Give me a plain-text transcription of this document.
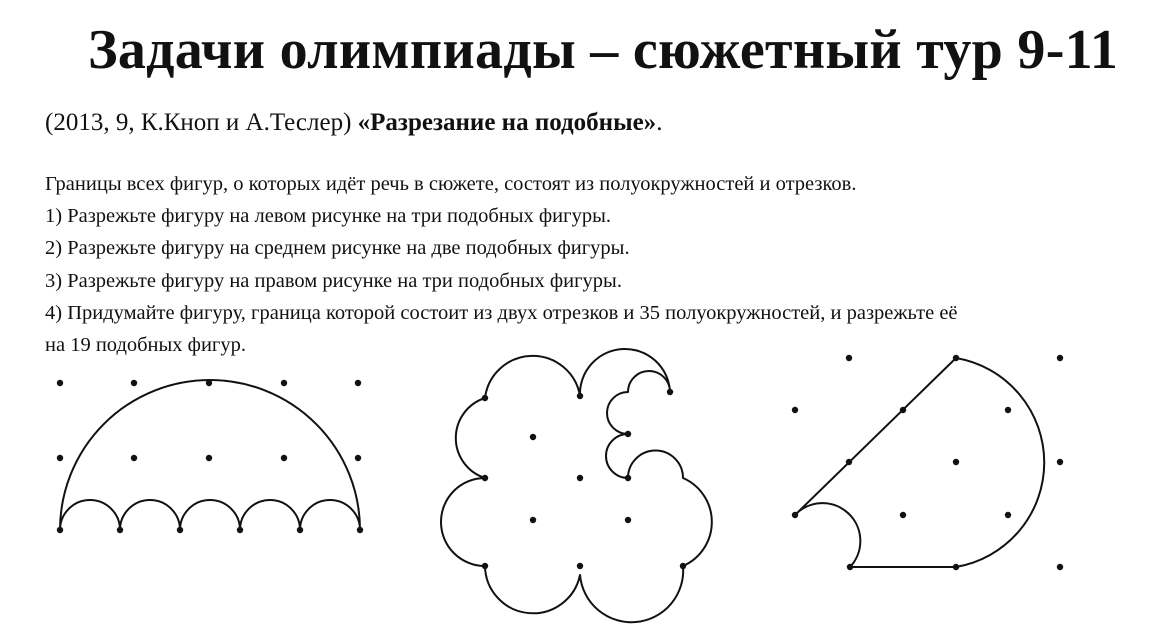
Задачи олимпиады – сюжетный тур 9-11
(2013, 9, К.Кноп и А.Теслер) «Разрезание на подобные».

Границы всех фигур, о которых идёт речь в сюжете, состоят из полуокружностей и отрезков.

1) Разрежьте фигуру на левом рисунке на три подобных фигуры.

2) Разрежьте фигуру на среднем рисунке на две подобных фигуры.

3) Разрежьте фигуру на правом рисунке на три подобных фигуры.

4) Придумайте фигуру, граница которой состоит из двух отрезков и 35 полуокружностей, и разрежьте её

на 19 подобных фигур.
